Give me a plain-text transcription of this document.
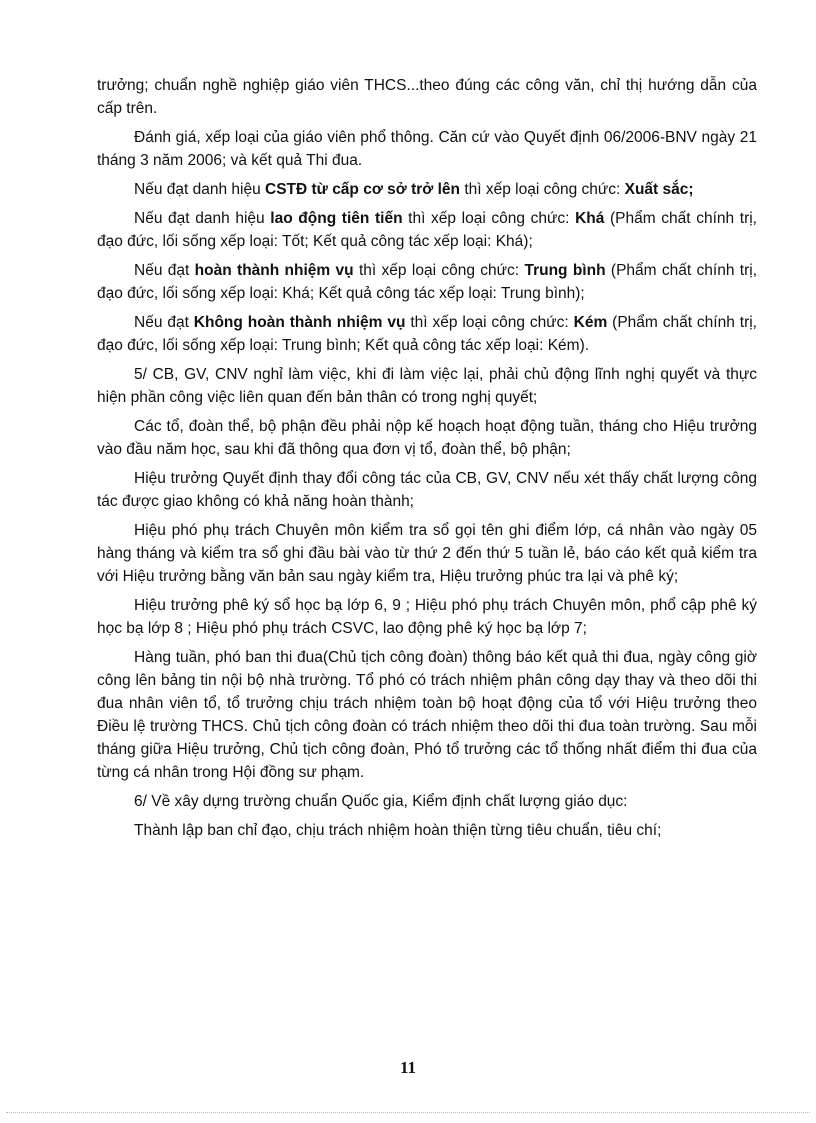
trưởng; chuẩn nghề nghiệp giáo viên THCS...theo đúng các công văn, chỉ thị hướng dẫn của cấp trên.

Đánh giá, xếp loại của giáo viên phổ thông. Căn cứ vào Quyết định 06/2006-BNV ngày 21 tháng 3 năm 2006; và kết quả Thi đua.

Nếu đạt danh hiệu CSTĐ từ cấp cơ sở trở lên thì xếp loại công chức: Xuất sắc;

Nếu đạt danh hiệu lao động tiên tiến thì xếp loại công chức: Khá (Phẩm chất chính trị, đạo đức, lối sống xếp loại: Tốt; Kết quả công tác xếp loại: Khá);

Nếu đạt hoàn thành nhiệm vụ thì xếp loại công chức: Trung bình (Phẩm chất chính trị, đạo đức, lối sống xếp loại: Khá; Kết quả công tác xếp loại: Trung bình);

Nếu đạt Không hoàn thành nhiệm vụ thì xếp loại công chức: Kém (Phẩm chất chính trị, đạo đức, lối sống xếp loại: Trung bình; Kết quả công tác xếp loại: Kém).

5/ CB, GV, CNV nghỉ làm việc, khi đi làm việc lại, phải chủ động lĩnh nghị quyết và thực hiện phần công việc liên quan đến bản thân có trong nghị quyết;

Các tổ, đoàn thể, bộ phận đều phải nộp kế hoạch hoạt động tuần, tháng cho Hiệu trưởng vào đầu năm học, sau khi đã thông qua đơn vị tổ, đoàn thể, bộ phận;

Hiệu trưởng Quyết định thay đổi công tác của CB, GV, CNV nếu xét thấy chất lượng công tác được giao không có khả năng hoàn thành;

Hiệu phó phụ trách Chuyên môn kiểm tra sổ gọi tên ghi điểm lớp, cá nhân vào ngày 05 hàng tháng và kiểm tra sổ ghi đầu bài vào từ thứ 2 đến thứ 5 tuần lẻ, báo cáo kết quả kiểm tra với Hiệu trưởng bằng văn bản sau ngày kiểm tra, Hiệu trưởng phúc tra lại và phê ký;

Hiệu trưởng phê ký sổ học bạ lớp 6, 9 ; Hiệu phó phụ trách Chuyên môn, phổ cập phê ký học bạ lớp 8 ; Hiệu phó phụ trách CSVC, lao động phê ký học bạ lớp 7;

Hàng tuần, phó ban thi đua(Chủ tịch công đoàn) thông báo kết quả thi đua, ngày công giờ công lên bảng tin nội bộ nhà trường. Tổ phó có trách nhiệm phân công dạy thay và theo dõi thi đua nhân viên tổ, tổ trưởng chịu trách nhiệm toàn bộ hoạt động của tổ với Hiệu trưởng theo Điều lệ trường THCS. Chủ tịch công đoàn có trách nhiệm theo dõi thi đua toàn trường. Sau mỗi tháng giữa Hiệu trưởng, Chủ tịch công đoàn, Phó tổ trưởng các tổ thống nhất điểm thi đua của từng cá nhân trong Hội đồng sư phạm.

6/ Về xây dựng trường chuẩn Quốc gia, Kiểm định chất lượng giáo dục:

Thành lập ban chỉ đạo, chịu trách nhiệm hoàn thiện từng tiêu chuẩn, tiêu chí;

11
